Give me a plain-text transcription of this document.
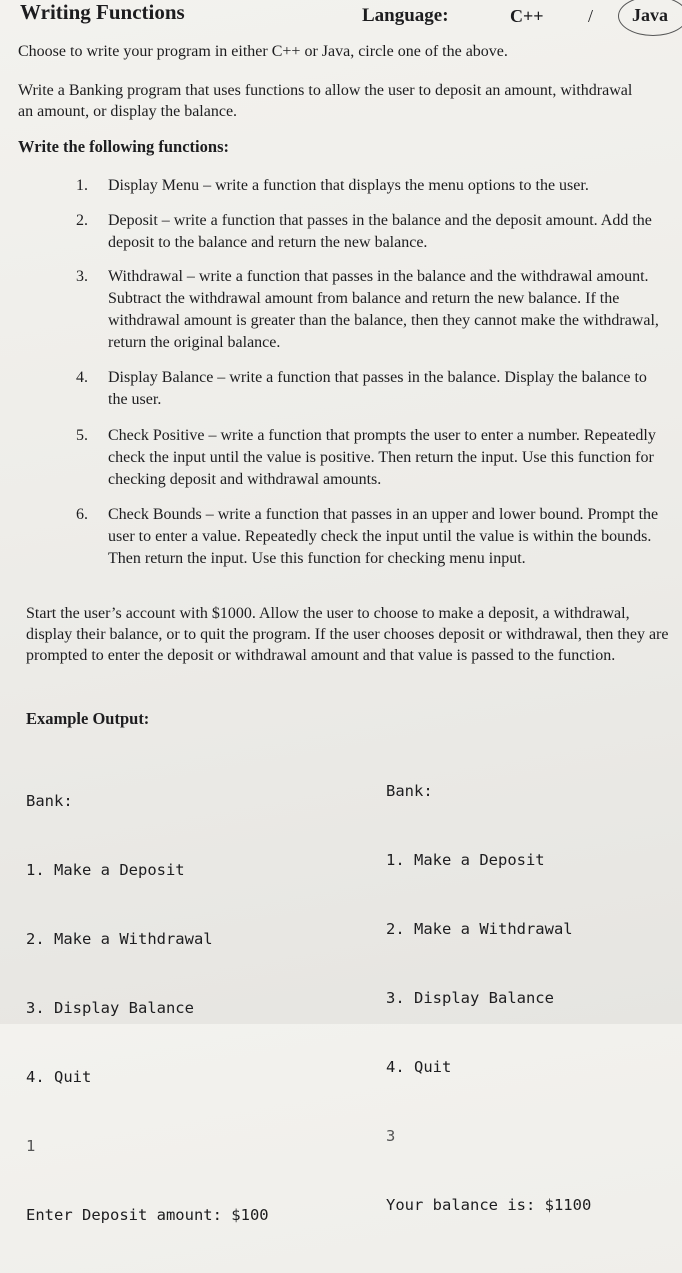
Writing Functions	Language:	C++ / Java
Choose to write your program in either C++ or Java, circle one of the above.
Write a Banking program that uses functions to allow the user to deposit an amount, withdrawal an amount, or display the balance.
Write the following functions:
1.	Display Menu – write a function that displays the menu options to the user.
2.	Deposit – write a function that passes in the balance and the deposit amount. Add the deposit to the balance and return the new balance.
3.	Withdrawal – write a function that passes in the balance and the withdrawal amount. Subtract the withdrawal amount from balance and return the new balance. If the withdrawal amount is greater than the balance, then they cannot make the withdrawal, return the original balance.
4.	Display Balance – write a function that passes in the balance. Display the balance to the user.
5.	Check Positive – write a function that prompts the user to enter a number. Repeatedly check the input until the value is positive. Then return the input. Use this function for checking deposit and withdrawal amounts.
6.	Check Bounds – write a function that passes in an upper and lower bound. Prompt the user to enter a value. Repeatedly check the input until the value is within the bounds. Then return the input. Use this function for checking menu input.
Start the user’s account with $1000. Allow the user to choose to make a deposit, a withdrawal, display their balance, or to quit the program. If the user chooses deposit or withdrawal, then they are prompted to enter the deposit or withdrawal amount and that value is passed to the function.
Example Output:

Bank:

1. Make a Deposit

2. Make a Withdrawal

3. Display Balance

4. Quit

1

Enter Deposit amount: $100

Bank:

1. Make a Deposit

2. Make a Withdrawal

3. Display Balance

4. Quit

3

Your balance is: $1100
